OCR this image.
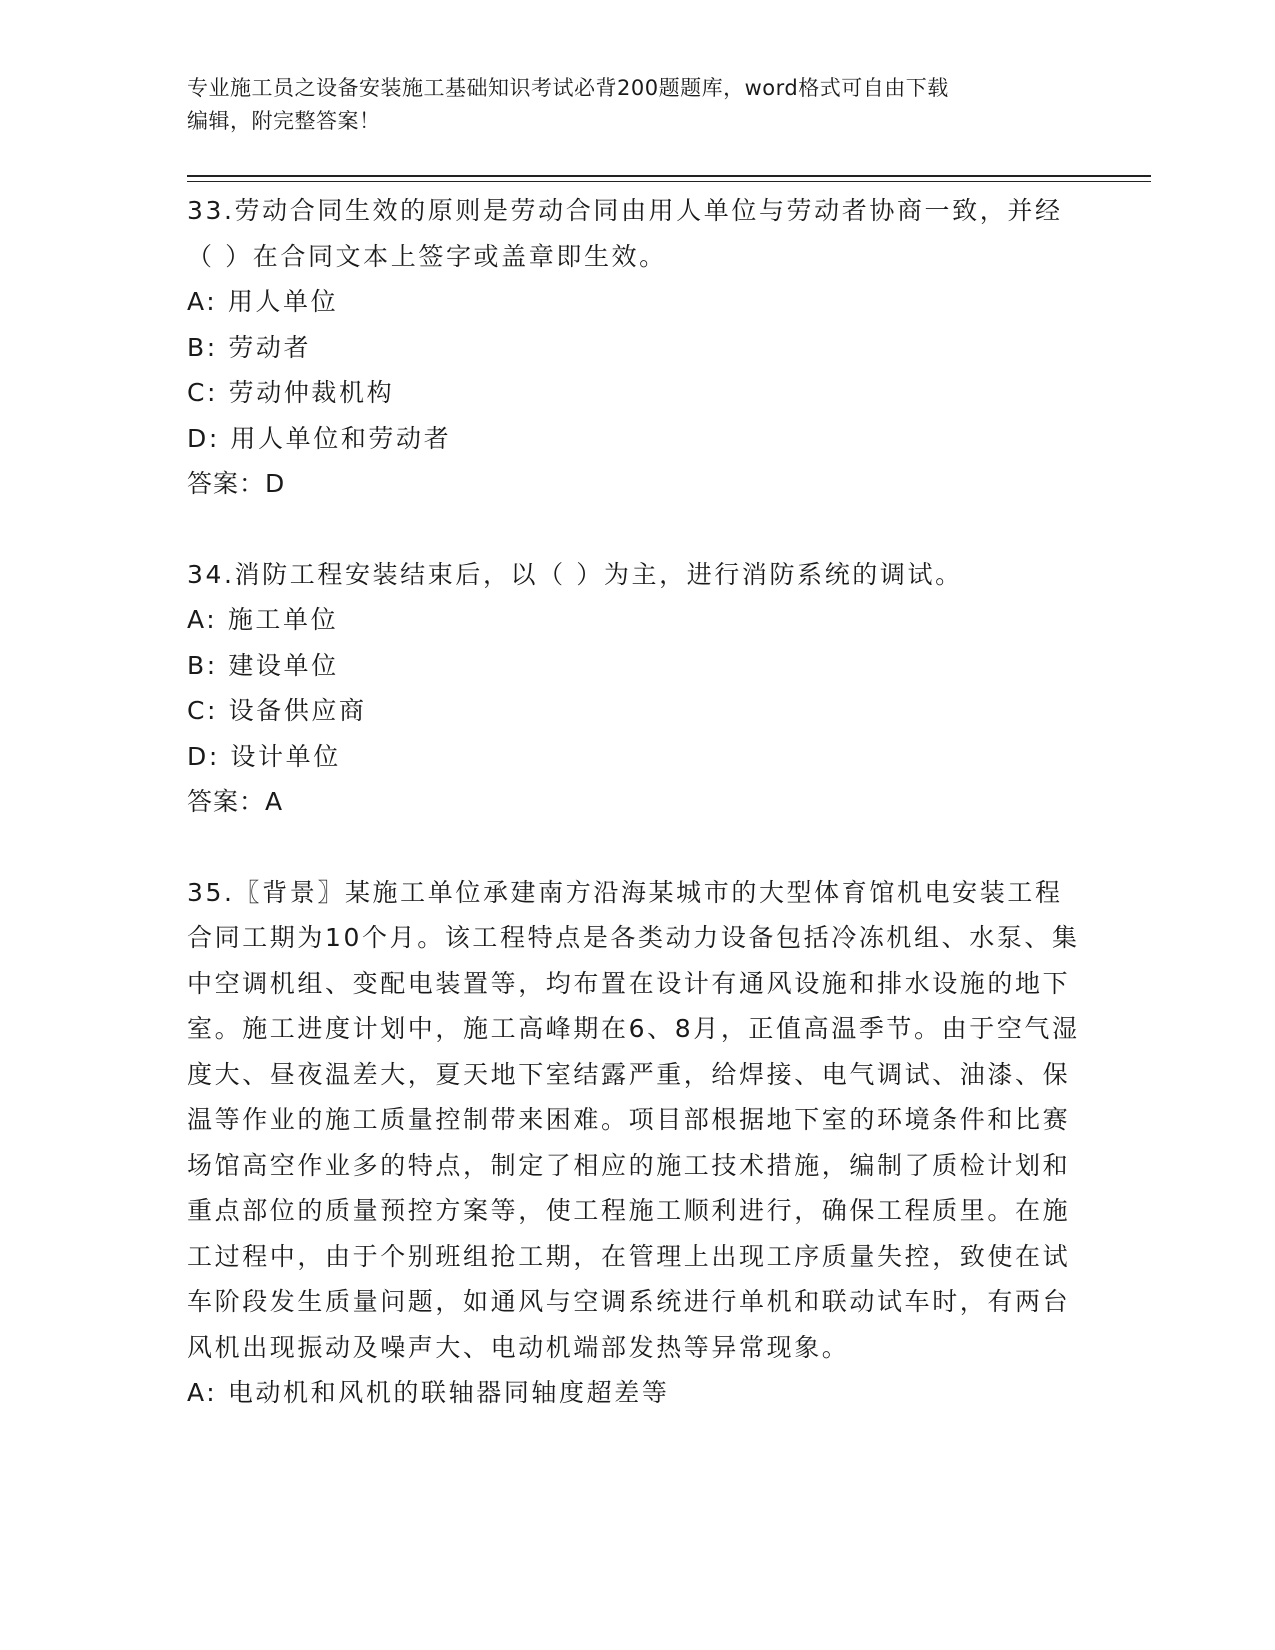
专业施工员之设备安装施工基础知识考试必背200题题库，word格式可自由下载
编辑，附完整答案！

33.劳动合同生效的原则是劳动合同由用人单位与劳动者协商一致，并经（ ）在合同文本上签字或盖章即生效。

A: 用人单位

B: 劳动者

C: 劳动仲裁机构

D: 用人单位和劳动者

答案：D

34.消防工程安装结束后，以（ ）为主，进行消防系统的调试。

A: 施工单位

B: 建设单位

C: 设备供应商

D: 设计单位

答案：A

35.〖背景〗某施工单位承建南方沿海某城市的大型体育馆机电安装工程合同工期为10个月。该工程特点是各类动力设备包括冷冻机组、水泵、集中空调机组、变配电装置等，均布置在设计有通风设施和排水设施的地下室。施工进度计划中，施工高峰期在6、8月，正值高温季节。由于空气湿度大、昼夜温差大，夏天地下室结露严重，给焊接、电气调试、油漆、保温等作业的施工质量控制带来困难。项目部根据地下室的环境条件和比赛场馆高空作业多的特点，制定了相应的施工技术措施，编制了质检计划和重点部位的质量预控方案等，使工程施工顺利进行，确保工程质里。在施工过程中，由于个别班组抢工期，在管理上出现工序质量失控，致使在试车阶段发生质量问题，如通风与空调系统进行单机和联动试车时，有两台风机出现振动及噪声大、电动机端部发热等异常现象。

A: 电动机和风机的联轴器同轴度超差等
